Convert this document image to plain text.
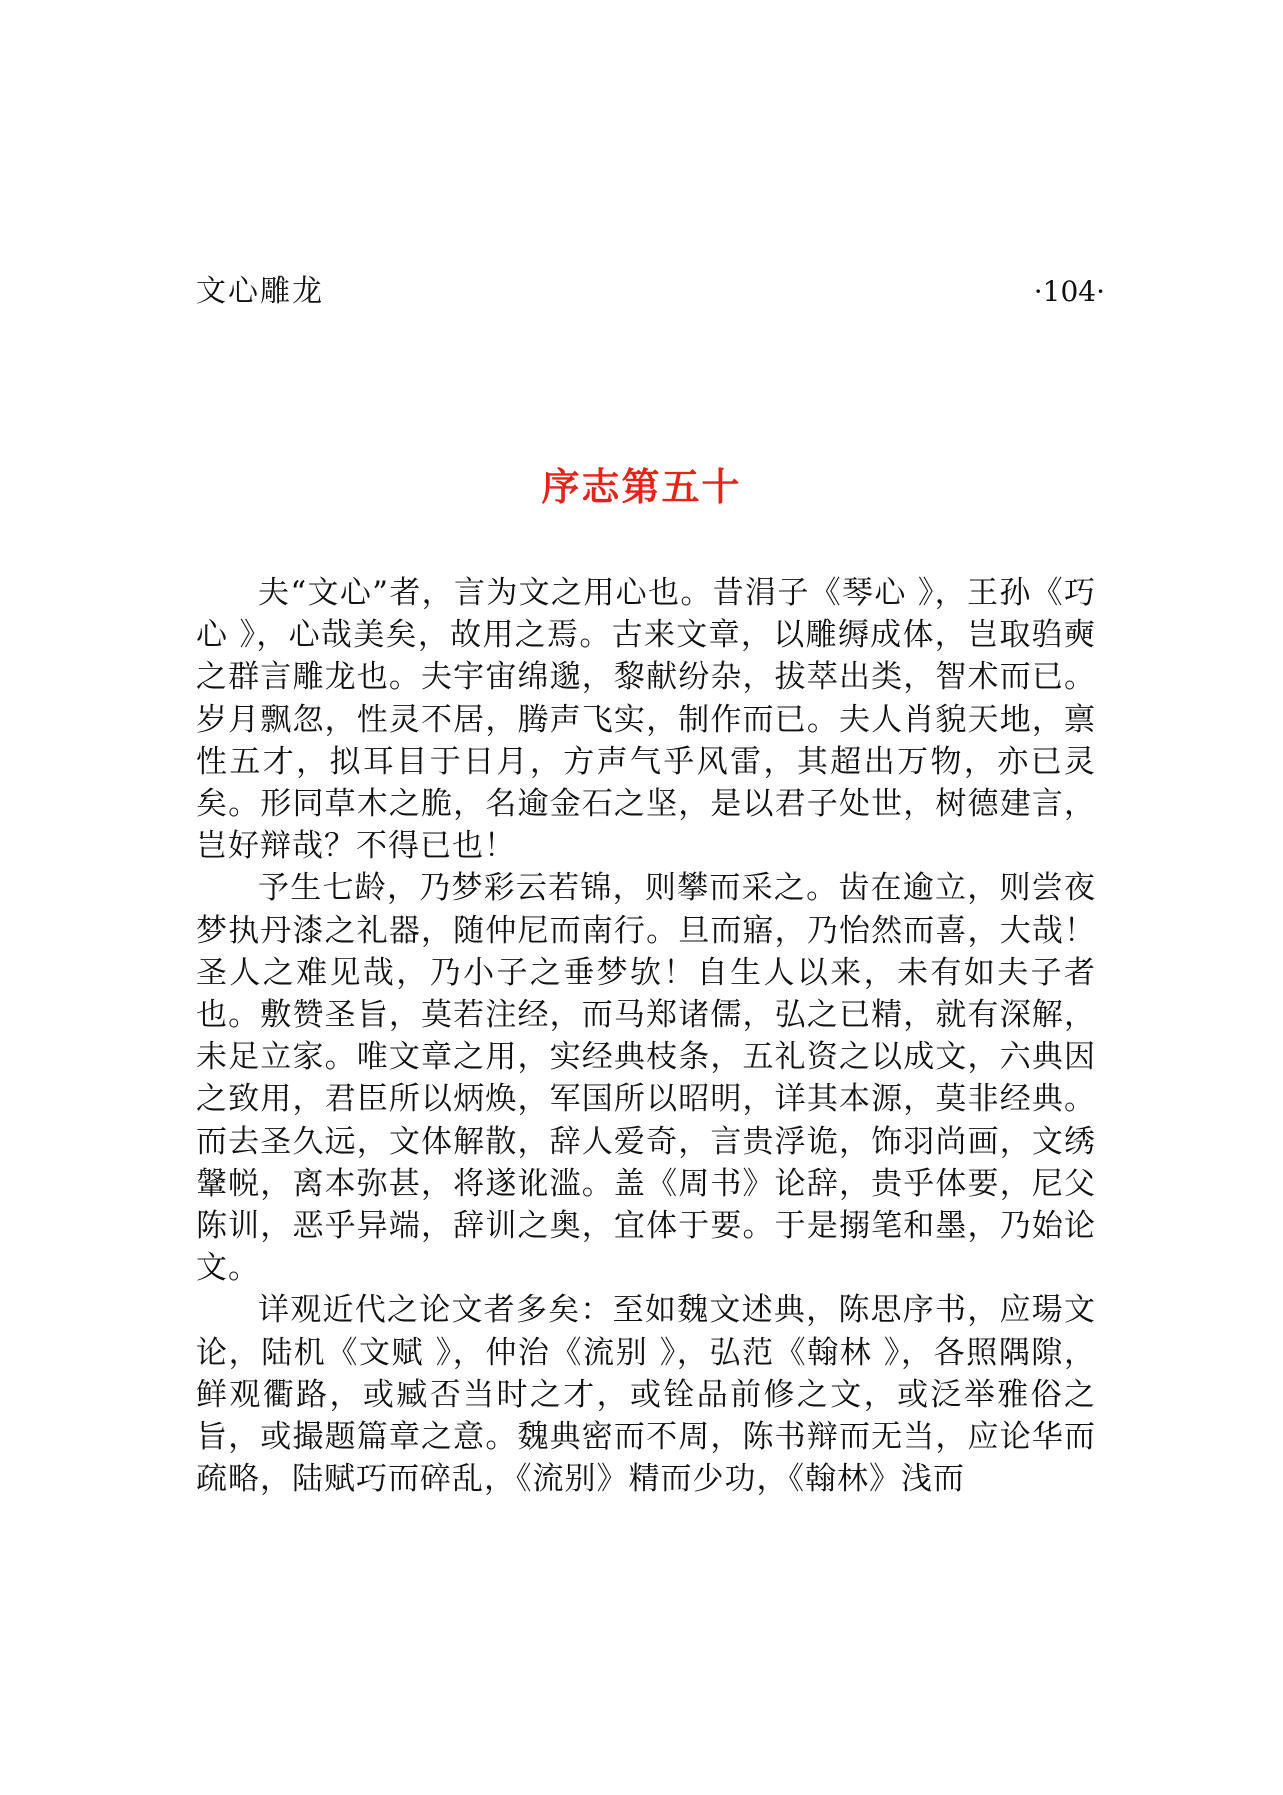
文心雕龙	·104·
序志第五十

夫“文心”者，言为文之用心也。昔涓子《琴心 》，王孙《巧心 》，心哉美矣，故用之焉。古来文章，以雕缛成体，岂取驺奭之群言雕龙也。夫宇宙绵邈，黎献纷杂，拔萃出类，智术而已。岁月飘忽，性灵不居，腾声飞实，制作而已。夫人肖貌天地，禀性五才，拟耳目于日月，方声气乎风雷，其超出万物，亦已灵矣。形同草木之脆，名逾金石之坚，是以君子处世，树德建言，岂好辩哉？不得已也！

予生七龄，乃梦彩云若锦，则攀而采之。齿在逾立，则尝夜梦执丹漆之礼器，随仲尼而南行。旦而寤，乃怡然而喜，大哉！圣人之难见哉，乃小子之垂梦欤！自生人以来，未有如夫子者也。敷赞圣旨，莫若注经，而马郑诸儒，弘之已精，就有深解，未足立家。唯文章之用，实经典枝条，五礼资之以成文，六典因之致用，君臣所以炳焕，军国所以昭明，详其本源，莫非经典。而去圣久远，文体解散，辞人爱奇，言贵浮诡，饰羽尚画，文绣鞶帨，离本弥甚，将遂讹滥。盖《周书》论辞，贵乎体要，尼父陈训，恶乎异端，辞训之奥，宜体于要。于是搦笔和墨，乃始论文。

详观近代之论文者多矣：至如魏文述典，陈思序书，应瑒文论，陆机《文赋 》，仲治《流别 》，弘范《翰林 》，各照隅隙，鲜观衢路，或臧否当时之才，或铨品前修之文，或泛举雅俗之旨，或撮题篇章之意。魏典密而不周，陈书辩而无当，应论华而疏略，陆赋巧而碎乱，《流别》精而少功，《翰林》浅而
